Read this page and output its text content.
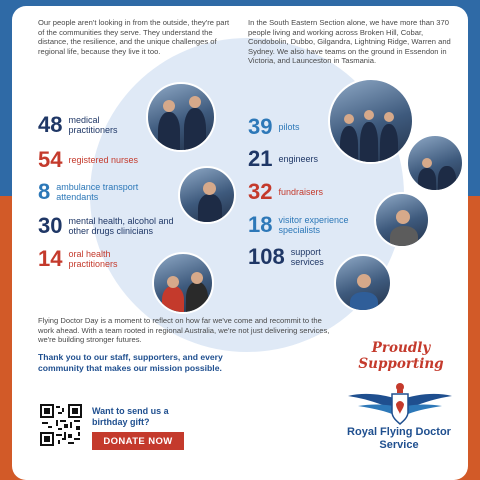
Our people aren't looking in from the outside, they're part of the communities they serve. They understand the distance, the resilience, and the unique challenges of regional life, because they live it too.

In the South Eastern Section alone, we have more than 370 people living and working across Broken Hill, Cobar, Condobolin, Dubbo, Gilgandra, Lightning Ridge, Warren and Sydney. We also have teams on the ground in Essendon in Victoria, and Launceston in Tasmania.

48 medical practitioners
54 registered nurses
8 ambulance transport attendants
30 mental health, alcohol and other drugs clinicians
14 oral health practitioners
39 pilots
21 engineers
32 fundraisers
18 visitor experience specialists
108 support services

Flying Doctor Day is a moment to reflect on how far we've come and recommit to the work ahead. With a team rooted in regional Australia, we're not just delivering services, we're building stronger futures.

Thank you to our staff, supporters, and every community that makes our mission possible.

Want to send us a birthday gift?

DONATE NOW

Proudly Supporting

Royal Flying Doctor Service
